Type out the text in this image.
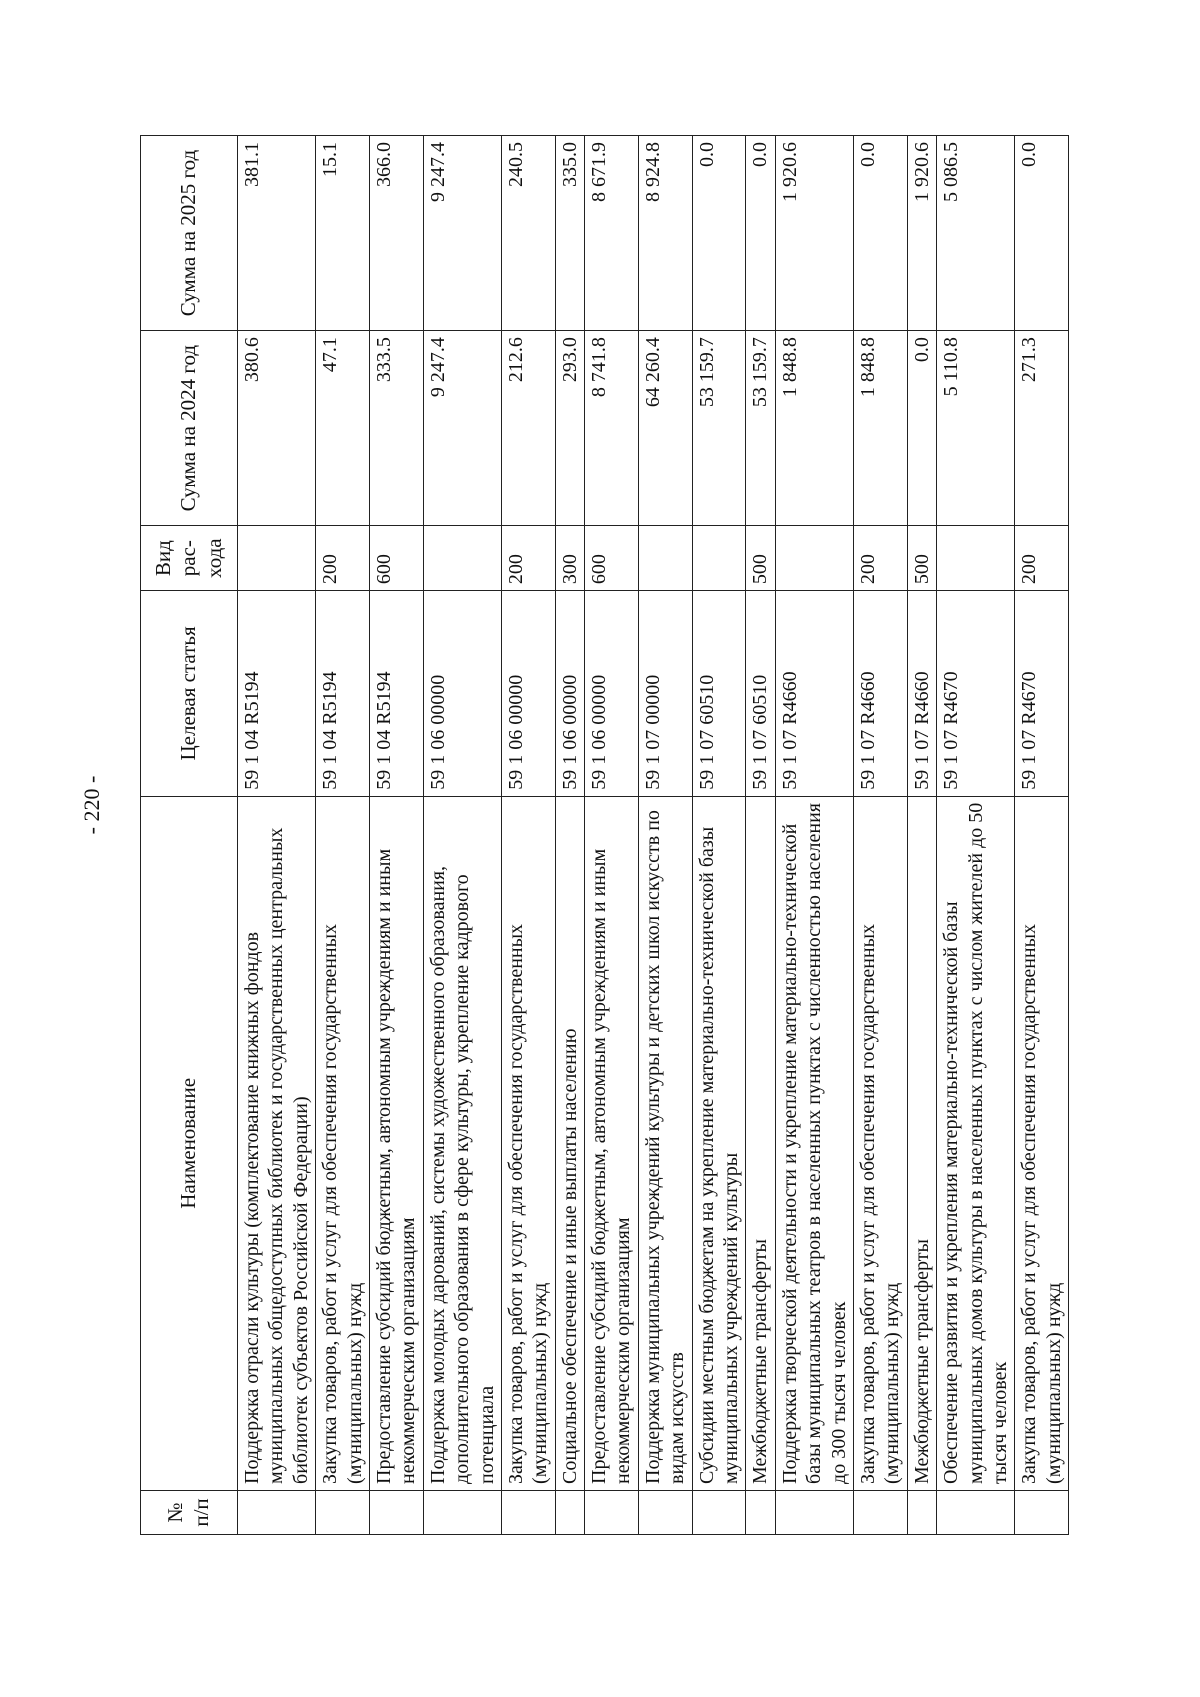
- 220 -
№ п/п	Наименование	Целевая статья	Вид рас-хода	Сумма на 2024 год	Сумма на 2025 год
	Поддержка отрасли культуры (комплектование книжных фондов муниципальных общедоступных библиотек и государственных центральных библиотек субъектов Российской Федерации)	59 1 04 R5194		380.6	381.1
	Закупка товаров, работ и услуг для обеспечения государственных (муниципальных) нужд	59 1 04 R5194	200	47.1	15.1
	Предоставление субсидий бюджетным, автономным учреждениям и иным некоммерческим организациям	59 1 04 R5194	600	333.5	366.0
	Поддержка молодых дарований, системы художественного образования, дополнительного образования в сфере культуры, укрепление кадрового потенциала	59 1 06 00000		9 247.4	9 247.4
	Закупка товаров, работ и услуг для обеспечения государственных (муниципальных) нужд	59 1 06 00000	200	212.6	240.5
	Социальное обеспечение и иные выплаты населению	59 1 06 00000	300	293.0	335.0
	Предоставление субсидий бюджетным, автономным учреждениям и иным некоммерческим организациям	59 1 06 00000	600	8 741.8	8 671.9
	Поддержка муниципальных учреждений культуры и детских школ искусств по видам искусств	59 1 07 00000		64 260.4	8 924.8
	Субсидии местным бюджетам на укрепление материально-технической базы муниципальных учреждений культуры	59 1 07 60510		53 159.7	0.0
	Межбюджетные трансферты	59 1 07 60510	500	53 159.7	0.0
	Поддержка творческой деятельности и укрепление материально-технической базы муниципальных театров в населенных пунктах с численностью населения до 300 тысяч человек	59 1 07 R4660		1 848.8	1 920.6
	Закупка товаров, работ и услуг для обеспечения государственных (муниципальных) нужд	59 1 07 R4660	200	1 848.8	0.0
	Межбюджетные трансферты	59 1 07 R4660	500	0.0	1 920.6
	Обеспечение развития и укрепления материально-технической базы муниципальных домов культуры в населенных пунктах с числом жителей до 50 тысяч человек	59 1 07 R4670		5 110.8	5 086.5
	Закупка товаров, работ и услуг для обеспечения государственных (муниципальных) нужд	59 1 07 R4670	200	271.3	0.0
